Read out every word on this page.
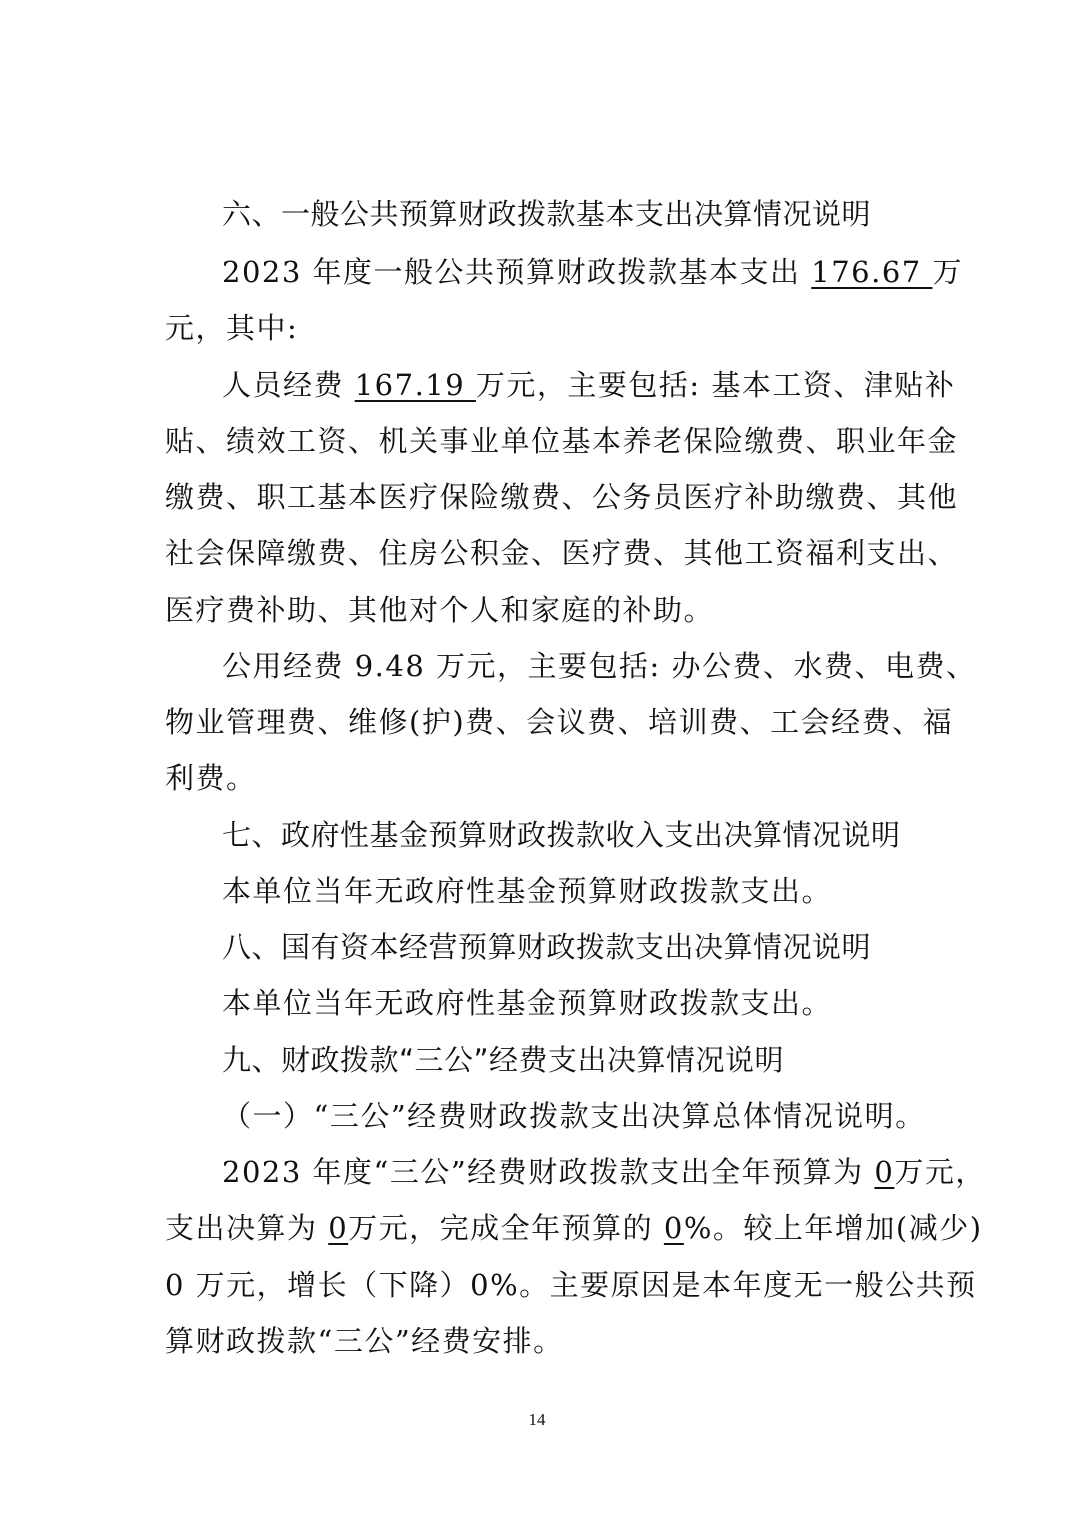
六、一般公共预算财政拨款基本支出决算情况说明
2023 年度一般公共预算财政拨款基本支出 176.67 万
元，其中:
人员经费 167.19 万元，主要包括: 基本工资、津贴补
贴、绩效工资、机关事业单位基本养老保险缴费、职业年金
缴费、职工基本医疗保险缴费、公务员医疗补助缴费、其他
社会保障缴费、住房公积金、医疗费、其他工资福利支出、
医疗费补助、其他对个人和家庭的补助。
公用经费 9.48 万元，主要包括: 办公费、水费、电费、
物业管理费、维修(护)费、会议费、培训费、工会经费、福
利费。
七、政府性基金预算财政拨款收入支出决算情况说明
本单位当年无政府性基金预算财政拨款支出。
八、国有资本经营预算财政拨款支出决算情况说明
本单位当年无政府性基金预算财政拨款支出。
九、财政拨款“三公”经费支出决算情况说明
（一）“三公”经费财政拨款支出决算总体情况说明。
2023 年度“三公”经费财政拨款支出全年预算为 0万元，
支出决算为 0万元，完成全年预算的 0%。较上年增加(减少)
0 万元，增长（下降）0%。主要原因是本年度无一般公共预
算财政拨款“三公”经费安排。
14
